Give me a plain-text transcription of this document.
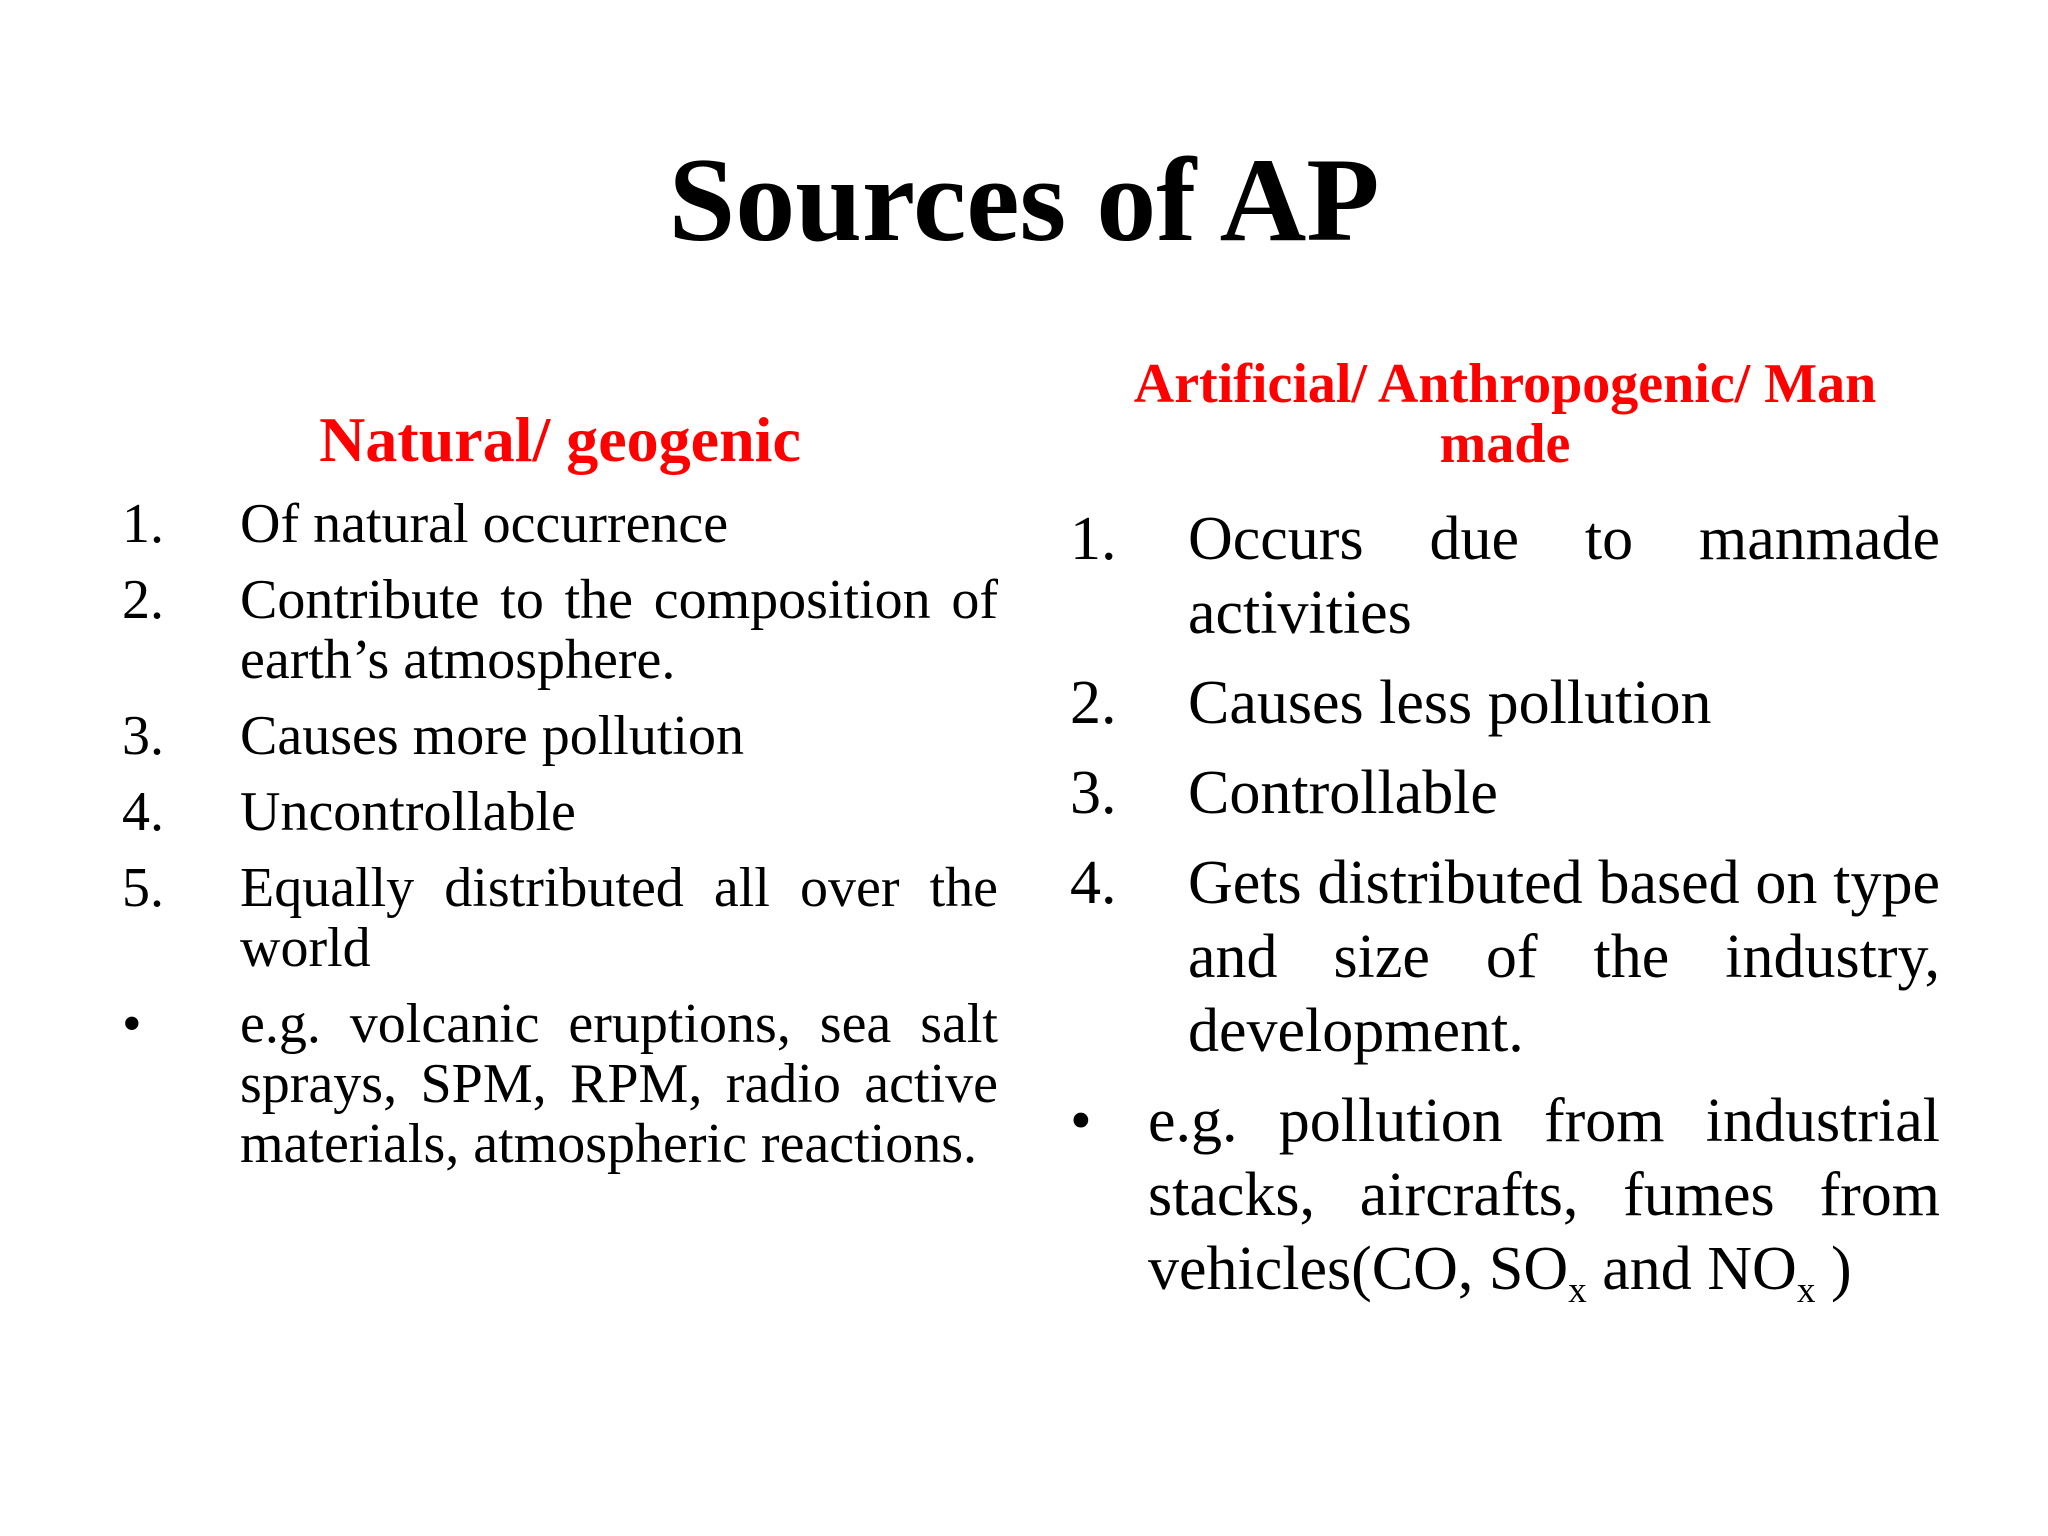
Sources of AP
Natural/ geogenic
1.	Of natural occurrence
2.	Contribute to the composition of earth’s atmosphere.
3.	Causes more pollution
4.	Uncontrollable
5.	Equally distributed all over the world
•	e.g. volcanic eruptions, sea salt sprays, SPM, RPM, radio active materials, atmospheric reactions.
Artificial/ Anthropogenic/ Man made
1.	Occurs due to manmade activities
2.	Causes less pollution
3.	Controllable
4.	Gets distributed based on type and size of the industry, development.
• e.g. pollution from industrial stacks, aircrafts, fumes from vehicles(CO, $SO_x$ and $NO_x$ )
